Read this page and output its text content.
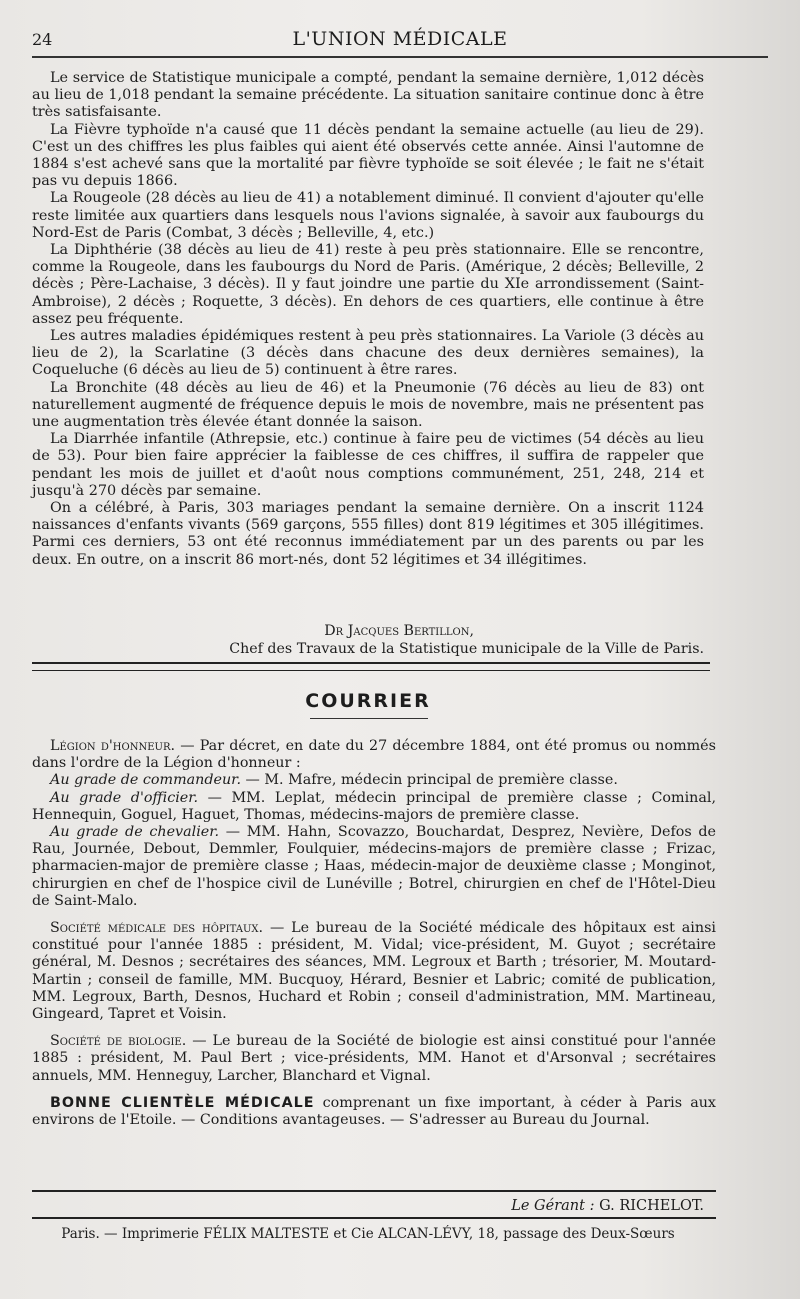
24	L'UNION MÉDICALE

Le service de Statistique municipale a compté, pendant la semaine dernière, 1,012 décès au lieu de 1,018 pendant la semaine précédente. La situation sanitaire continue donc à être très satisfaisante.

La Fièvre typhoïde n'a causé que 11 décès pendant la semaine actuelle (au lieu de 29). C'est un des chiffres les plus faibles qui aient été observés cette année. Ainsi l'automne de 1884 s'est achevé sans que la mortalité par fièvre typhoïde se soit élevée ; le fait ne s'était pas vu depuis 1866.

La Rougeole (28 décès au lieu de 41) a notablement diminué. Il convient d'ajouter qu'elle reste limitée aux quartiers dans lesquels nous l'avions signalée, à savoir aux faubourgs du Nord-Est de Paris (Combat, 3 décès ; Belleville, 4, etc.)

La Diphthérie (38 décès au lieu de 41) reste à peu près stationnaire. Elle se rencontre, comme la Rougeole, dans les faubourgs du Nord de Paris. (Amérique, 2 décès; Belleville, 2 décès ; Père-Lachaise, 3 décès). Il y faut joindre une partie du XIe arrondissement (Saint-Ambroise), 2 décès ; Roquette, 3 décès). En dehors de ces quartiers, elle continue à être assez peu fréquente.

Les autres maladies épidémiques restent à peu près stationnaires. La Variole (3 décès au lieu de 2), la Scarlatine (3 décès dans chacune des deux dernières semaines), la Coqueluche (6 décès au lieu de 5) continuent à être rares.

La Bronchite (48 décès au lieu de 46) et la Pneumonie (76 décès au lieu de 83) ont naturellement augmenté de fréquence depuis le mois de novembre, mais ne présentent pas une augmentation très élevée étant donnée la saison.

La Diarrhée infantile (Athrepsie, etc.) continue à faire peu de victimes (54 décès au lieu de 53). Pour bien faire apprécier la faiblesse de ces chiffres, il suffira de rappeler que pendant les mois de juillet et d'août nous comptions communément, 251, 248, 214 et jusqu'à 270 décès par semaine.

On a célébré, à Paris, 303 mariages pendant la semaine dernière. On a inscrit 1124 naissances d'enfants vivants (569 garçons, 555 filles) dont 819 légitimes et 305 illégitimes. Parmi ces derniers, 53 ont été reconnus immédiatement par un des parents ou par les deux. En outre, on a inscrit 86 mort-nés, dont 52 légitimes et 34 illégitimes.

Dr Jacques Bertillon,
Chef des Travaux de la Statistique municipale de la Ville de Paris.
COURRIER

Légion d'honneur. — Par décret, en date du 27 décembre 1884, ont été promus ou nommés dans l'ordre de la Légion d'honneur :

Au grade de commandeur. — M. Mafre, médecin principal de première classe.

Au grade d'officier. — MM. Leplat, médecin principal de première classe ; Cominal, Hennequin, Goguel, Haguet, Thomas, médecins-majors de première classe.

Au grade de chevalier. — MM. Hahn, Scovazzo, Bouchardat, Desprez, Nevière, Defos de Rau, Journée, Debout, Demmler, Foulquier, médecins-majors de première classe ; Frizac, pharmacien-major de première classe ; Haas, médecin-major de deuxième classe ; Monginot, chirurgien en chef de l'hospice civil de Lunéville ; Botrel, chirurgien en chef de l'Hôtel-Dieu de Saint-Malo.

Société médicale des hôpitaux. — Le bureau de la Société médicale des hôpitaux est ainsi constitué pour l'année 1885 : président, M. Vidal; vice-président, M. Guyot ; secrétaire général, M. Desnos ; secrétaires des séances, MM. Legroux et Barth ; trésorier, M. Moutard-Martin ; conseil de famille, MM. Bucquoy, Hérard, Besnier et Labric; comité de publication, MM. Legroux, Barth, Desnos, Huchard et Robin ; conseil d'administration, MM. Martineau, Gingeard, Tapret et Voisin.

Société de biologie. — Le bureau de la Société de biologie est ainsi constitué pour l'année 1885 : président, M. Paul Bert ; vice-présidents, MM. Hanot et d'Arsonval ; secrétaires annuels, MM. Henneguy, Larcher, Blanchard et Vignal.

BONNE CLIENTÈLE MÉDICALE comprenant un fixe important, à céder à Paris aux environs de l'Etoile. — Conditions avantageuses. — S'adresser au Bureau du Journal.

Le Gérant : G. RICHELOT.
Paris. — Imprimerie FÉLIX MALTESTE et Cie ALCAN-LÉVY, 18, passage des Deux-Sœurs
